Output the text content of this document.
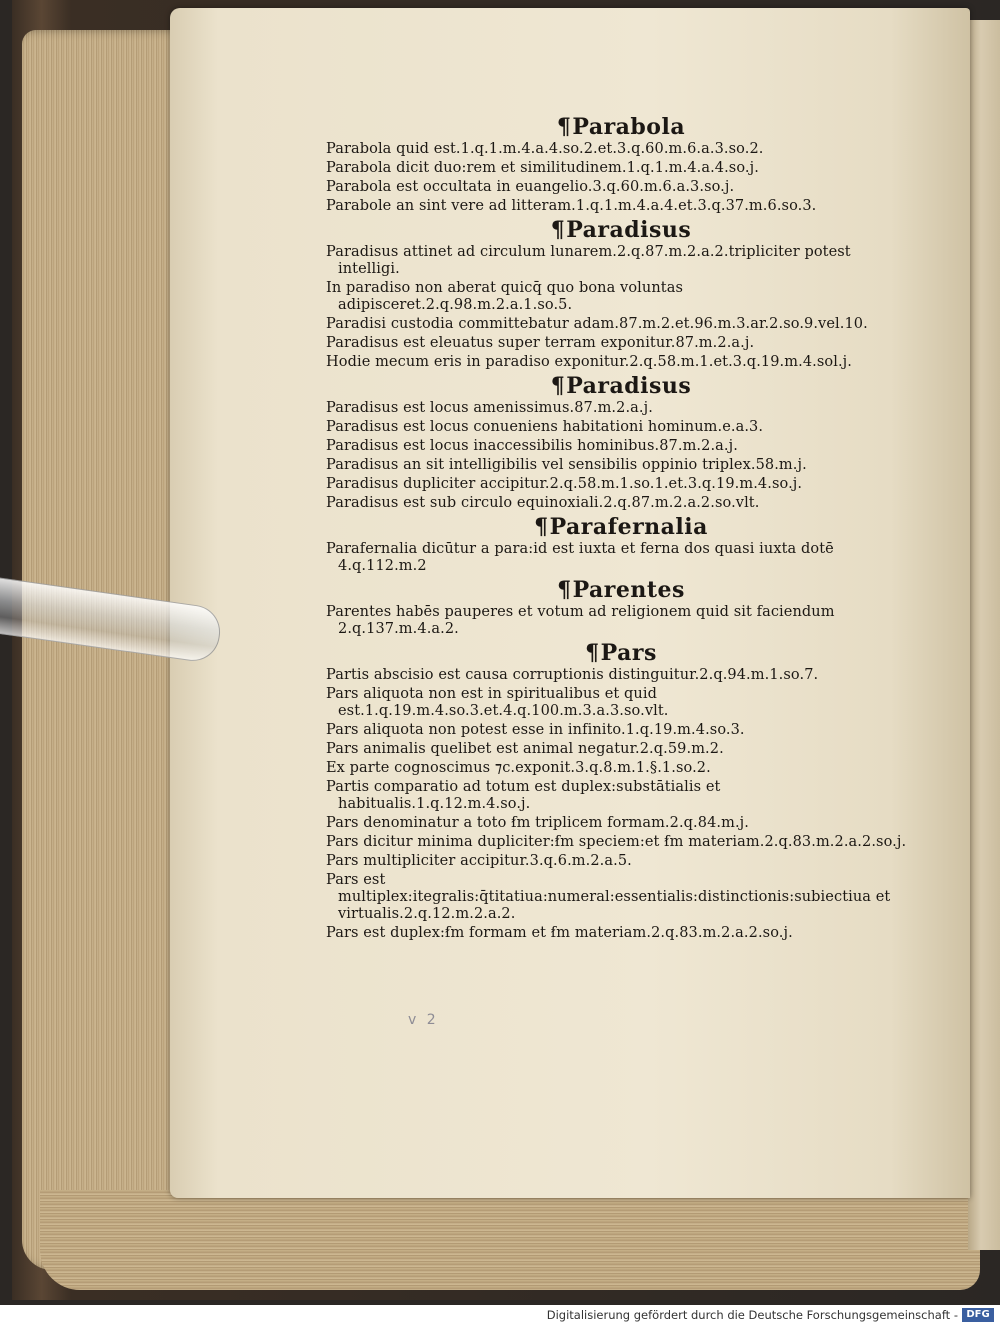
¶Parabola
Parabola quid est.1.q.1.m.4.a.4.so.2.et.3.q.60.m.6.a.3.so.2.
Parabola dicit duo:rem et similitudinem.1.q.1.m.4.a.4.so.j.
Parabola est occultata in euangelio.3.q.60.m.6.a.3.so.j.
Parabole an sint vere ad litteram.1.q.1.m.4.a.4.et.3.q.37.m.6.so.3.
¶Paradisus
Paradisus attinet ad circulum lunarem.2.q.87.m.2.a.2.tripliciter potest intelligi.
In paradiso non aberat quicq̄ quo bona voluntas adipisceret.2.q.98.m.2.a.1.so.5.
Paradisi custodia committebatur adam.87.m.2.et.96.m.3.ar.2.so.9.vel.10.
Paradisus est eleuatus super terram exponitur.87.m.2.a.j.
Hodie mecum eris in paradiso exponitur.2.q.58.m.1.et.3.q.19.m.4.sol.j.
¶Paradisus
Paradisus est locus amenissimus.87.m.2.a.j.
Paradisus est locus conueniens habitationi hominum.e.a.3.
Paradisus est locus inaccessibilis hominibus.87.m.2.a.j.
Paradisus an sit intelligibilis vel sensibilis oppinio triplex.58.m.j.
Paradisus dupliciter accipitur.2.q.58.m.1.so.1.et.3.q.19.m.4.so.j.
Paradisus est sub circulo equinoxiali.2.q.87.m.2.a.2.so.vlt.
¶Parafernalia
Parafernalia dicūtur a para:id est iuxta et ferna dos quasi iuxta dotē 4.q.112.m.2
¶Parentes
Parentes habēs pauperes et votum ad religionem quid sit faciendum 2.q.137.m.4.a.2.
¶Pars
Partis abscisio est causa corruptionis distinguitur.2.q.94.m.1.so.7.
Pars aliquota non est in spiritualibus et quid est.1.q.19.m.4.so.3.et.4.q.100.m.3.a.3.so.vlt.
Pars aliquota non potest esse in infinito.1.q.19.m.4.so.3.
Pars animalis quelibet est animal negatur.2.q.59.m.2.
Ex parte cognoscimus ⁊c.exponit.3.q.8.m.1.§.1.so.2.
Partis comparatio ad totum est duplex:substātialis et habitualis.1.q.12.m.4.so.j.
Pars denominatur a toto ẜm triplicem formam.2.q.84.m.j.
Pars dicitur minima dupliciter:ẜm speciem:et ẜm materiam.2.q.83.m.2.a.2.so.j.
Pars multipliciter accipitur.3.q.6.m.2.a.5.
Pars est multiplex:itegralis:q̄titatiua:numeral:essentialis:distinctionis:subiectiua et virtualis.2.q.12.m.2.a.2.
Pars est duplex:ẜm formam et ẜm materiam.2.q.83.m.2.a.2.so.j.
v 2
Digitalisierung gefördert durch die Deutsche Forschungsgemeinschaft - DFG
